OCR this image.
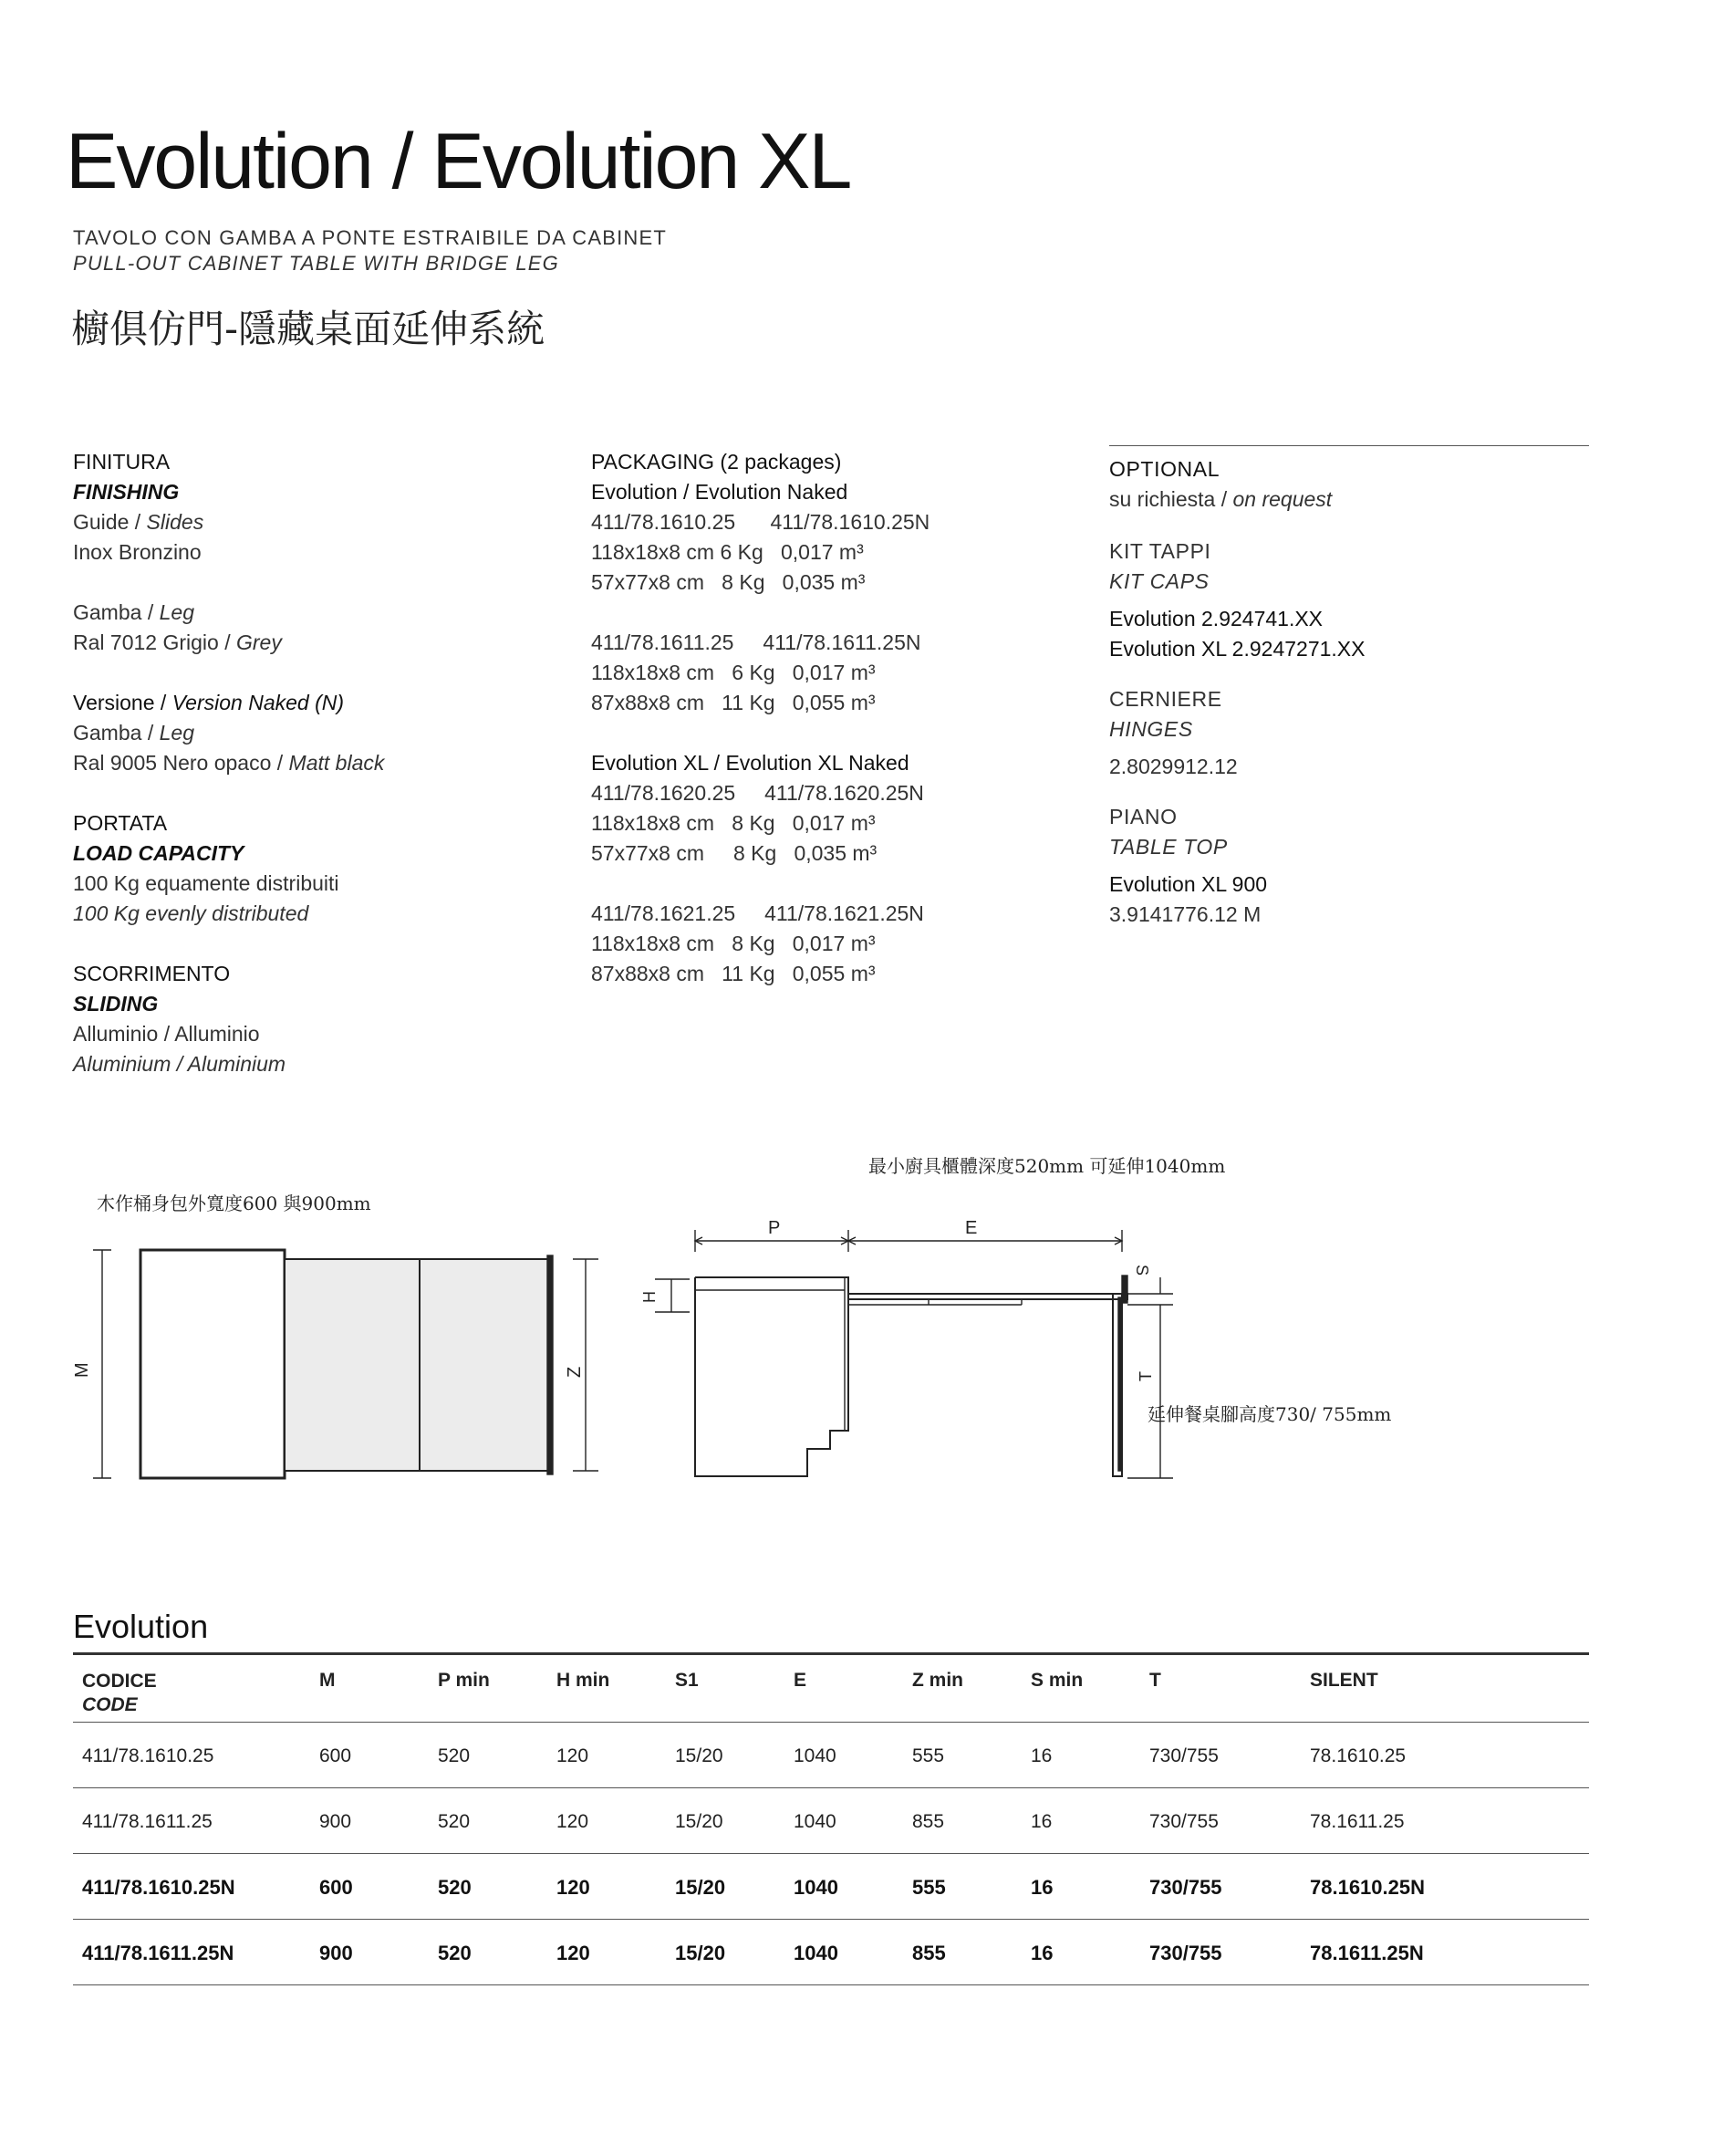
Evolution / Evolution XL
TAVOLO CON GAMBA A PONTE ESTRAIBILE DA CABINET
PULL-OUT CABINET TABLE WITH BRIDGE LEG
櫥俱仿門-隱藏桌面延伸系統
FINITURA
FINISHING
Guide / Slides
Inox Bronzino
Gamba / Leg
Ral 7012 Grigio / Grey
Versione / Version Naked (N)
Gamba / Leg
Ral 9005 Nero opaco / Matt black
PORTATA
LOAD CAPACITY
100 Kg equamente distribuiti
100 Kg evenly distributed
SCORRIMENTO
SLIDING
Alluminio / Alluminio
Aluminium / Aluminium
PACKAGING (2 packages)
Evolution / Evolution Naked
411/78.1610.25      411/78.1610.25N
118x18x8 cm 6 Kg   0,017 m³
57x77x8 cm   8 Kg   0,035 m³
411/78.1611.25     411/78.1611.25N
118x18x8 cm   6 Kg   0,017 m³
87x88x8 cm   11 Kg   0,055 m³
Evolution XL / Evolution XL Naked
411/78.1620.25     411/78.1620.25N
118x18x8 cm   8 Kg   0,017 m³
57x77x8 cm     8 Kg   0,035 m³
411/78.1621.25     411/78.1621.25N
118x18x8 cm   8 Kg   0,017 m³
87x88x8 cm   11 Kg   0,055 m³
OPTIONAL
su richiesta / on request
KIT TAPPI
KIT CAPS
Evolution 2.924741.XX
Evolution XL 2.9247271.XX
CERNIERE
HINGES
2.8029912.12
PIANO
TABLE TOP
Evolution XL 900
3.9141776.12 M
木作桶身包外寬度600 與900mm
最小廚具櫃體深度520mm 可延伸1040mm
延伸餐桌腳高度730/ 755mm
M	Z
P	E
H
S
T
Evolution
CODICE
CODE
M	P min	H min	S1	E	Z min	S min	T	SILENT
411/78.1610.25	600	520	120	15/20	1040	555	16	730/755	78.1610.25
411/78.1611.25	900	520	120	15/20	1040	855	16	730/755	78.1611.25
411/78.1610.25N	600	520	120	15/20	1040	555	16	730/755	78.1610.25N
411/78.1611.25N	900	520	120	15/20	1040	855	16	730/755	78.1611.25N
